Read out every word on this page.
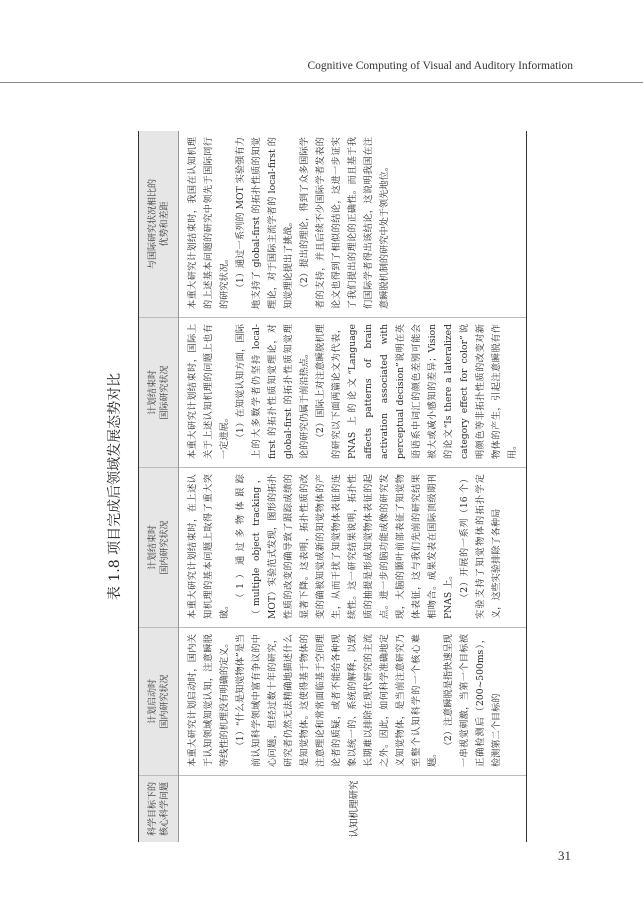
Cognitive Computing of Visual and Auditory Information
表 1.8 项目完成后领域发展态势对比
科学目标下的
核心科学问题
计划启动时
国内研究状况
计划结束时
国内研究状况
计划结束时
国际研究状况
与国际研究状况相比的
优势和差距
认知机理研究

本重大研究计划启动时，国内关于认知领域知觉认知，注意瞬脱等线性的机理没有明确的定义。 （1）“什么是知觉物体”是当前认知科学领域中富有争议的中心问题，但经过数十年的研究，研究者仍然无法精确地描述什么是知觉物体。这使得基于物体的注意理论和常常面临基于空间理论者的质疑，或者不能给各种现象以统一的、系统的解释，以致长期难以排除在现代研究的主流之外。因此，如何科学准确地定义知觉物体，是当前注意研究乃至整个认知科学的一个核心难题。

（2）注意瞬脱是指快速呈现一串视觉刺激，当第一个目标被正确检测后（200~500ms），检测第二个目标的

本重大研究计划结束时，在上述认知机理的基本问题上取得了重大突破。

（1）通过多物体跟踪（multiple object tracking，MOT）实验范式发现，图形的拓扑性质的改变的确导致了跟踪成绩的显著下降。这表明，拓扑性质的改变的确被知觉成新的知觉物体的产生，从而干扰了知觉物体表征的连续性。这一研究结果说明，拓扑性质的抽提是形成知觉物体表征的起点。进一步的脑功能成像的研究发现，大脑的颞叶前部表征了知觉物体表征，这与我们先前的研究结果相吻合。成果发表在国际顶级期刊 PNAS 上。 （2）开展的一系列（16 个）实验支持了知觉物体的拓扑学定义，这些实验排除了各种局

本重大研究计划结束时，国际上关于上述认知机理的问题上也有一定进展。 （1）在知觉认知方面，国际上的大多数学者仍坚持 local-first 的拓扑性质知觉理论，对 global-first 的拓扑性质知觉理论的研究仍属于前沿热点。 （2）国际上对注意瞬脱机理的研究以下面两篇论文为代表，PNAS 上的论文“Language affects patterns of brain activation associated with perceptual decision”说明在英语语系中词汇的颜色差别可能会被大或减小感知的差异；Vision 的论文“Is there a lateralized category effect for color”说明颜色等非拓扑性质的改变对新物体的产生，引起注意瞬脱有作用。

本重大研究计划结束时，我国在认知机理的上述基本问题的研究中领先于国际同行的研究状况。 （1）通过一系列的 MOT 实验强有力地支持了 global-first 的拓扑性质的知觉理论，对于国际主流学者的 local-first 的知觉理论提出了挑战。 （2）提出的理论，得到了众多国际学者的支持，并且后续不少国际学者发表的论文也得到了相似的结论，这进一步证实了我们提出的理论的正确性。而且基于我们国际学者得出该结论，这说明我国在注意瞬脱机制的研究中处于领先地位。

31
